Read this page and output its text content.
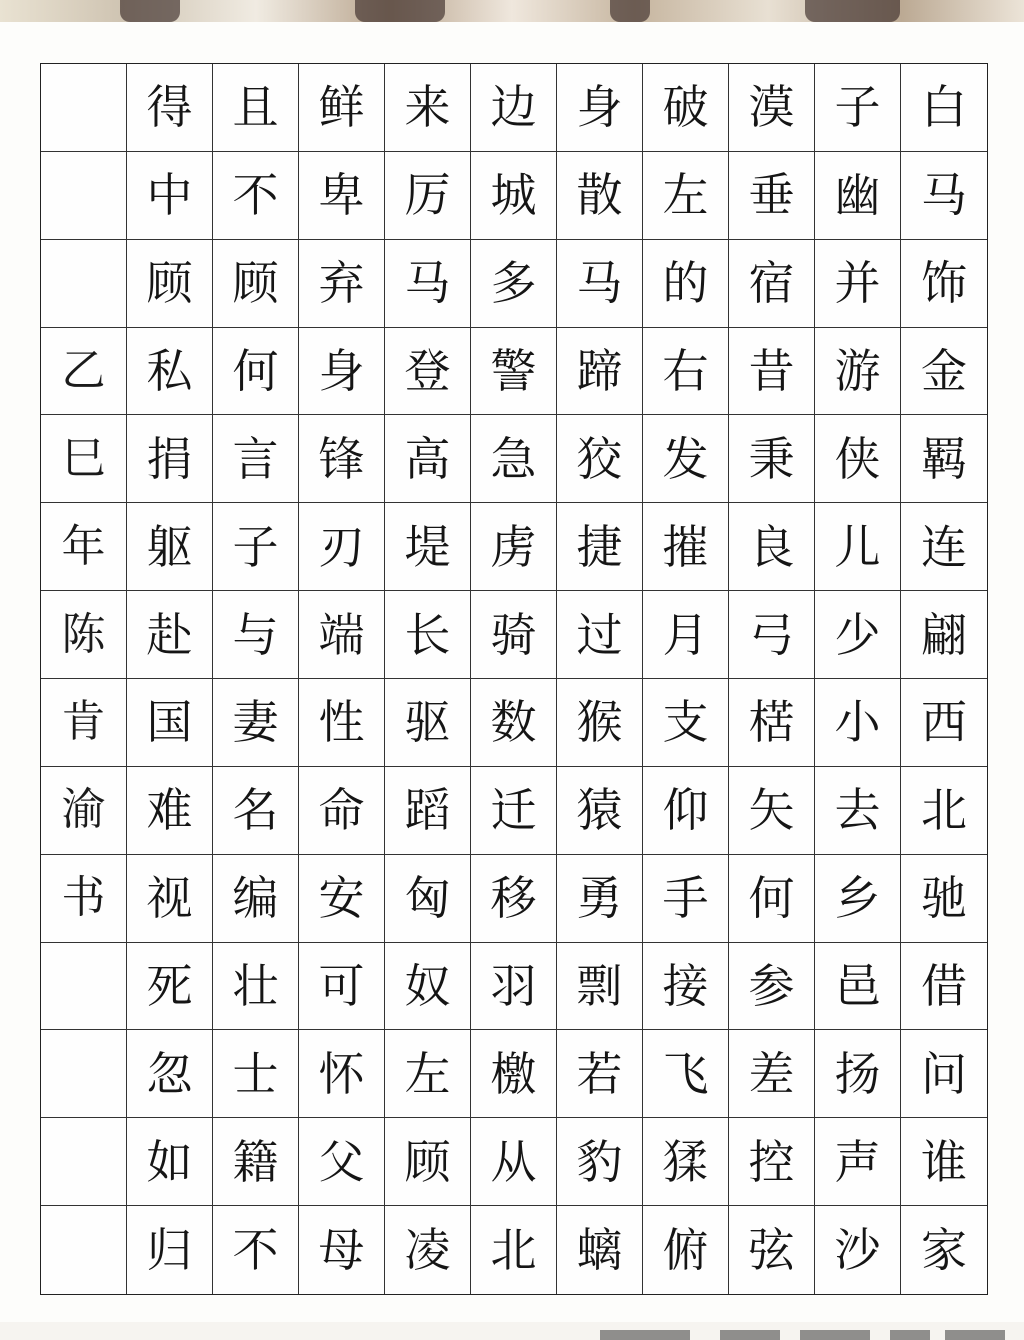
得 且 鲜 来 边 身 破 漠 子 白
中 不 卑 厉 城 散 左 垂 幽 马
顾 顾 弃 马 多 马 的 宿 并 饰
乙 私 何 身 登 警 蹄 右 昔 游 金
巳 捐 言 锋 高 急 狡 发 秉 侠 羁
年 躯 子 刃 堤 虏 捷 摧 良 儿 连
陈 赴 与 端 长 骑 过 月 弓 少 翩
肯 国 妻 性 驱 数 猴 支 楛 小 西
渝 难 名 命 蹈 迁 猿 仰 矢 去 北
书 视 编 安 匈 移 勇 手 何 乡 驰
死 壮 可 奴 羽 剽 接 参 邑 借
忽 士 怀 左 檄 若 飞 差 扬 问
如 籍 父 顾 从 豹 猱 控 声 谁
归 不 母 凌 北 螭 俯 弦 沙 家
